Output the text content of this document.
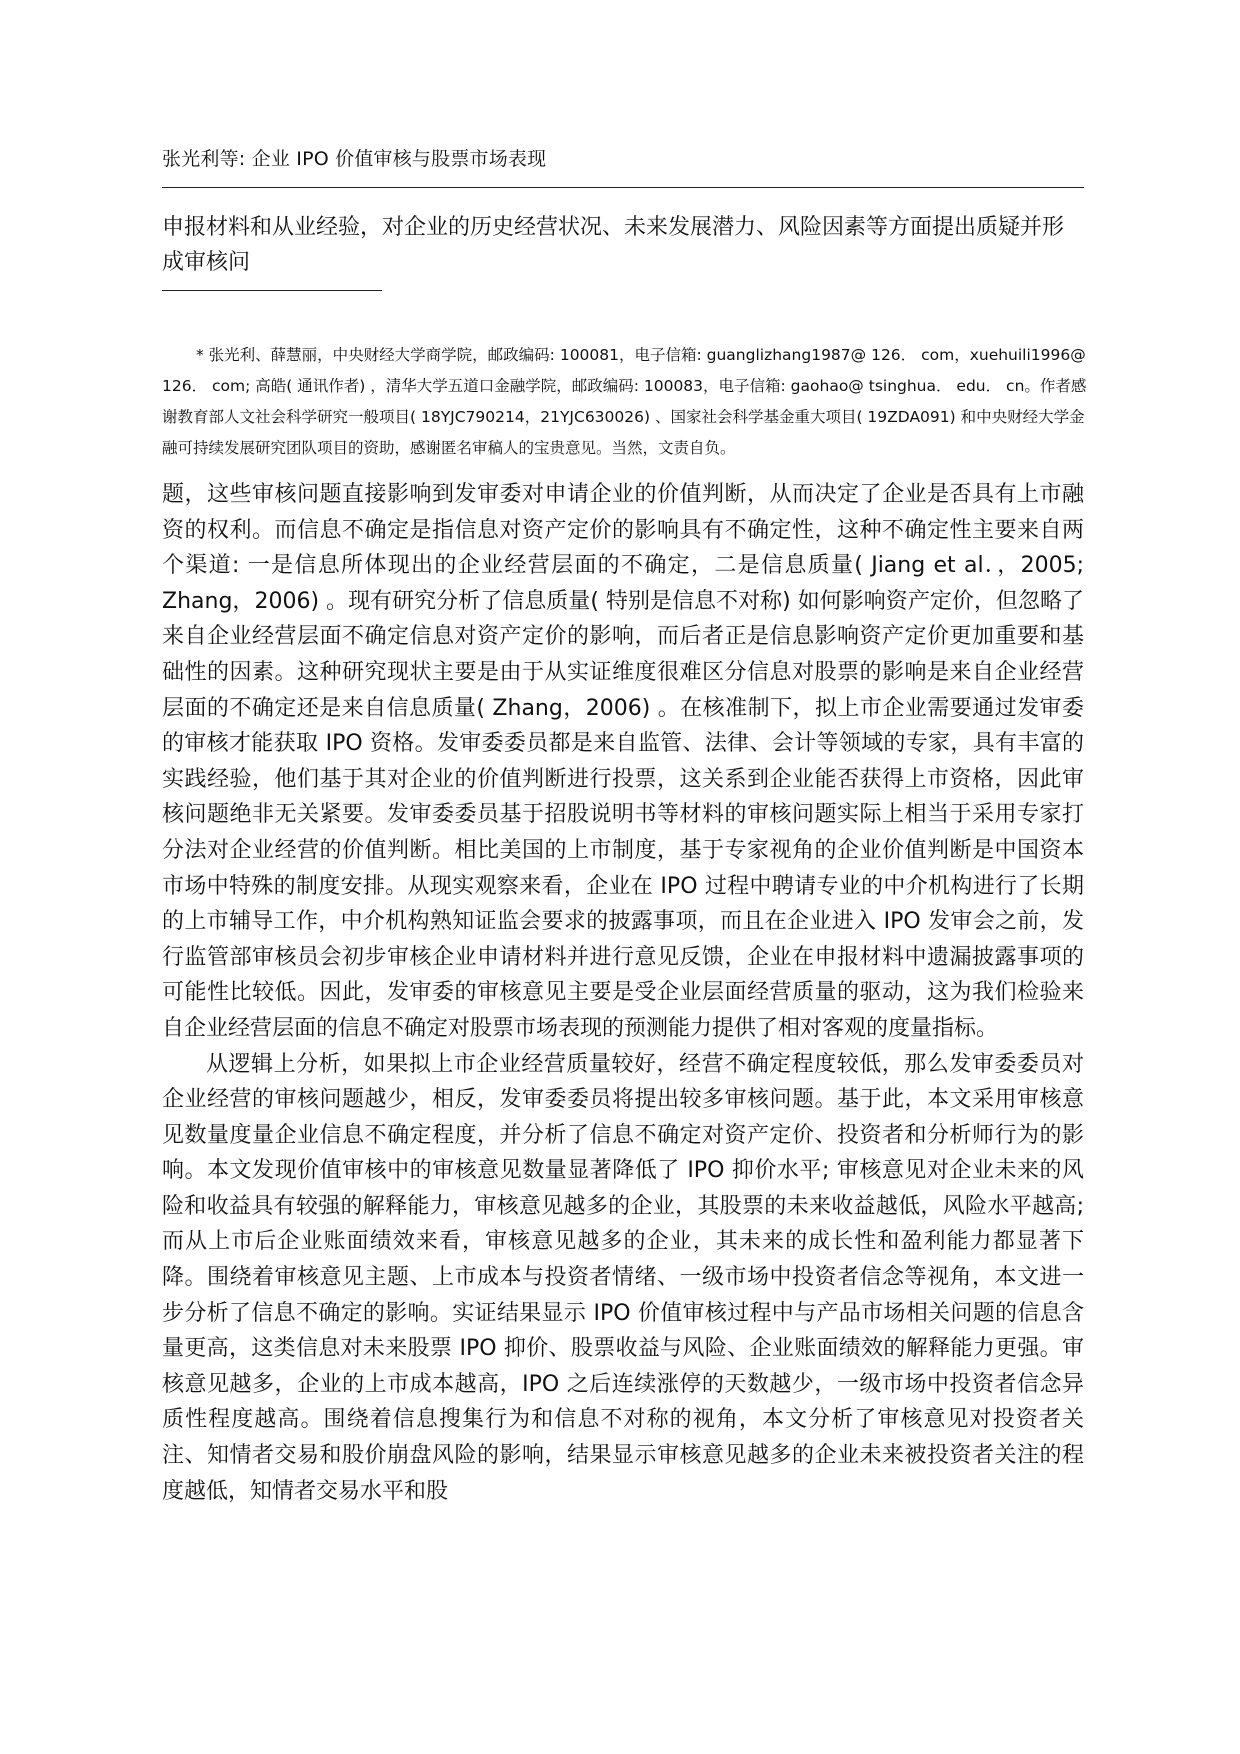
张光利等: 企业 IPO 价值审核与股票市场表现

申报材料和从业经验，对企业的历史经营状况、未来发展潜力、风险因素等方面提出质疑并形成审核问

* 张光利、薛慧丽，中央财经大学商学院，邮政编码: 100081，电子信箱: guanglizhang1987@ 126． com，xuehuili1996@ 126． com; 高皓( 通讯作者) ，清华大学五道口金融学院，邮政编码: 100083，电子信箱: gaohao@ tsinghua． edu． cn。作者感谢教育部人文社会科学研究一般项目( 18YJC790214，21YJC630026) 、国家社会科学基金重大项目( 19ZDA091) 和中央财经大学金融可持续发展研究团队项目的资助，感谢匿名审稿人的宝贵意见。当然，文责自负。

题，这些审核问题直接影响到发审委对申请企业的价值判断，从而决定了企业是否具有上市融资的权利。而信息不确定是指信息对资产定价的影响具有不确定性，这种不确定性主要来自两个渠道: 一是信息所体现出的企业经营层面的不确定，二是信息质量( Jiang et al．，2005; Zhang，2006) 。现有研究分析了信息质量( 特别是信息不对称) 如何影响资产定价，但忽略了来自企业经营层面不确定信息对资产定价的影响，而后者正是信息影响资产定价更加重要和基础性的因素。这种研究现状主要是由于从实证维度很难区分信息对股票的影响是来自企业经营层面的不确定还是来自信息质量( Zhang，2006) 。在核准制下，拟上市企业需要通过发审委的审核才能获取 IPO 资格。发审委委员都是来自监管、法律、会计等领域的专家，具有丰富的实践经验，他们基于其对企业的价值判断进行投票，这关系到企业能否获得上市资格，因此审核问题绝非无关紧要。发审委委员基于招股说明书等材料的审核问题实际上相当于采用专家打分法对企业经营的价值判断。相比美国的上市制度，基于专家视角的企业价值判断是中国资本市场中特殊的制度安排。从现实观察来看，企业在 IPO 过程中聘请专业的中介机构进行了长期的上市辅导工作，中介机构熟知证监会要求的披露事项，而且在企业进入 IPO 发审会之前，发行监管部审核员会初步审核企业申请材料并进行意见反馈，企业在申报材料中遗漏披露事项的可能性比较低。因此，发审委的审核意见主要是受企业层面经营质量的驱动，这为我们检验来自企业经营层面的信息不确定对股票市场表现的预测能力提供了相对客观的度量指标。

从逻辑上分析，如果拟上市企业经营质量较好，经营不确定程度较低，那么发审委委员对企业经营的审核问题越少，相反，发审委委员将提出较多审核问题。基于此，本文采用审核意见数量度量企业信息不确定程度，并分析了信息不确定对资产定价、投资者和分析师行为的影响。本文发现价值审核中的审核意见数量显著降低了 IPO 抑价水平; 审核意见对企业未来的风险和收益具有较强的解释能力，审核意见越多的企业，其股票的未来收益越低，风险水平越高; 而从上市后企业账面绩效来看，审核意见越多的企业，其未来的成长性和盈利能力都显著下降。围绕着审核意见主题、上市成本与投资者情绪、一级市场中投资者信念等视角，本文进一步分析了信息不确定的影响。实证结果显示 IPO 价值审核过程中与产品市场相关问题的信息含量更高，这类信息对未来股票 IPO 抑价、股票收益与风险、企业账面绩效的解释能力更强。审核意见越多，企业的上市成本越高，IPO 之后连续涨停的天数越少，一级市场中投资者信念异质性程度越高。围绕着信息搜集行为和信息不对称的视角，本文分析了审核意见对投资者关注、知情者交易和股价崩盘风险的影响，结果显示审核意见越多的企业未来被投资者关注的程度越低，知情者交易水平和股
